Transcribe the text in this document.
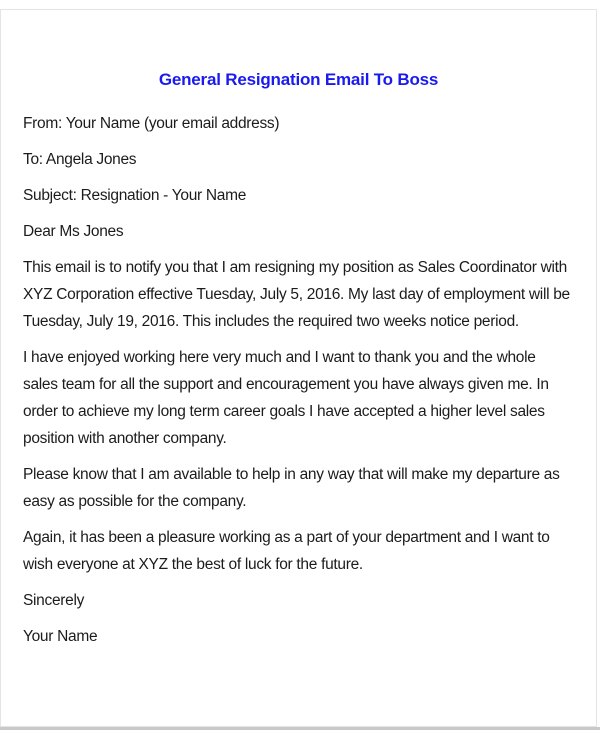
General Resignation Email To Boss

From: Your Name (your email address)

To: Angela Jones

Subject: Resignation - Your Name

Dear Ms Jones

This email is to notify you that I am resigning my position as Sales Coordinator with XYZ Corporation effective Tuesday, July 5, 2016. My last day of employment will be Tuesday, July 19, 2016. This includes the required two weeks notice period.

I have enjoyed working here very much and I want to thank you and the whole sales team for all the support and encouragement you have always given me. In order to achieve my long term career goals I have accepted a higher level sales position with another company.

Please know that I am available to help in any way that will make my departure as easy as possible for the company.

Again, it has been a pleasure working as a part of your department and I want to wish everyone at XYZ the best of luck for the future.

Sincerely

Your Name
